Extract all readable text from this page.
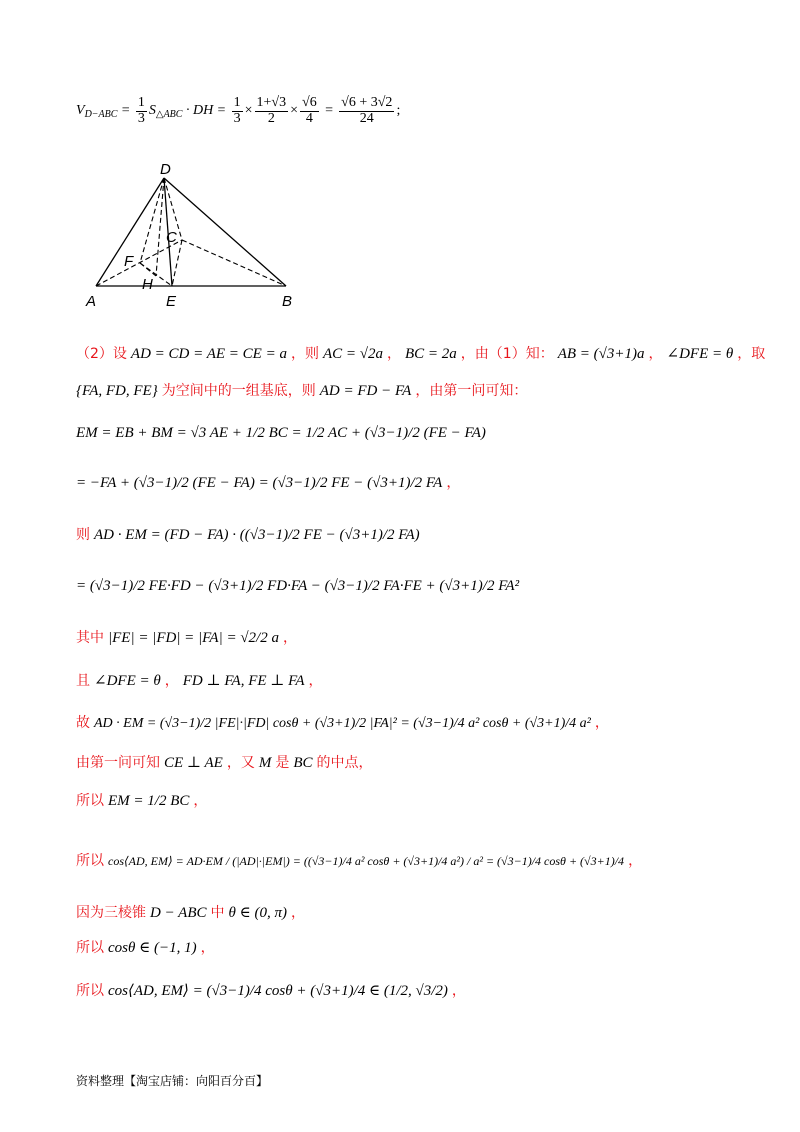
$V_{D-ABC} = \frac{1}{3} S_{\triangle ABC}$ · DH = $\frac{1}{3} \times \frac{1+√3}{2} \times \frac{√6}{4} = \frac{√6 + 3√2}{24}$ ;
D
C
F
H
A	E	B
（2）设 AD = CD = AE = CE = a ，则 AC = √2a ， BC = 2a ，由（1）知： AB = (√3+1)a ， ∠DFE = θ ，取
{FA, FD, FE} 为空间中的一组基底，则 AD = FD − FA ，由第一问可知：
EM = EB + BM = √3 AE + 1/2 BC = 1/2 AC + (√3−1)/2 (FE − FA)
= −FA + (√3−1)/2 (FE − FA) = (√3−1)/2 FE − (√3+1)/2 FA ，
则 AD · EM = (FD − FA) · ((√3−1)/2 FE − (√3+1)/2 FA)
= (√3−1)/2 FE·FD − (√3+1)/2 FD·FA − (√3−1)/2 FA·FE + (√3+1)/2 FA²
其中 |FE| = |FD| = |FA| = √2/2 a ，
且 ∠DFE = θ ， FD ⊥ FA, FE ⊥ FA ，
故 AD · EM = (√3−1)/2 |FE|·|FD| cosθ + (√3+1)/2 |FA|² = (√3−1)/4 a² cosθ + (√3+1)/4 a² ，
由第一问可知 CE ⊥ AE ，又 M 是 BC 的中点，
所以 EM = 1/2 BC ，
所以 cos⟨AD, EM⟩ = AD·EM / (|AD|·|EM|) = ((√3−1)/4 a² cosθ + (√3+1)/4 a²) / a² = (√3−1)/4 cosθ + (√3+1)/4 ，
因为三棱锥 D − ABC 中 θ ∈ (0, π) ，
所以 cosθ ∈ (−1, 1) ，
所以 cos⟨AD, EM⟩ = (√3−1)/4 cosθ + (√3+1)/4 ∈ (1/2, √3/2) ，
资料整理【淘宝店铺：向阳百分百】
